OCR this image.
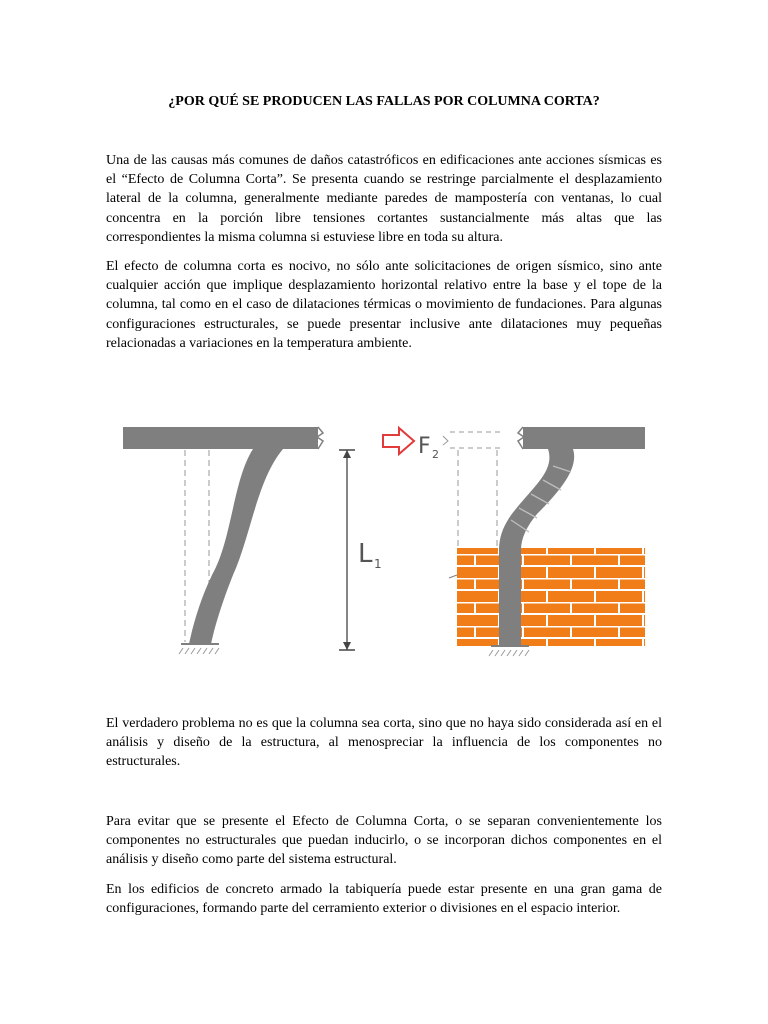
¿POR QUÉ SE PRODUCEN LAS FALLAS POR COLUMNA CORTA?

Una de las causas más comunes de daños catastróficos en edificaciones ante acciones sísmicas es el “Efecto de Columna Corta”. Se presenta cuando se restringe parcialmente el desplazamiento lateral de la columna, generalmente mediante paredes de mampostería con ventanas, lo cual concentra en la porción libre tensiones cortantes sustancialmente más altas que las correspondientes la misma columna si estuviese libre en toda su altura.

El efecto de columna corta es nocivo, no sólo ante solicitaciones de origen sísmico, sino ante cualquier acción que implique desplazamiento horizontal relativo entre la base y el tope de la columna, tal como en el caso de dilataciones térmicas o movimiento de fundaciones. Para algunas configuraciones estructurales, se puede presentar inclusive ante dilataciones muy pequeñas relacionadas a variaciones en la temperatura ambiente.

L 1
F 2

El verdadero problema no es que la columna sea corta, sino que no haya sido considerada así en el análisis y diseño de la estructura, al menospreciar la influencia de los componentes no estructurales.

Para evitar que se presente el Efecto de Columna Corta, o se separan convenientemente los componentes no estructurales que puedan inducirlo, o se incorporan dichos componentes en el análisis y diseño como parte del sistema estructural.

En los edificios de concreto armado la tabiquería puede estar presente en una gran gama de configuraciones, formando parte del cerramiento exterior o divisiones en el espacio interior.
